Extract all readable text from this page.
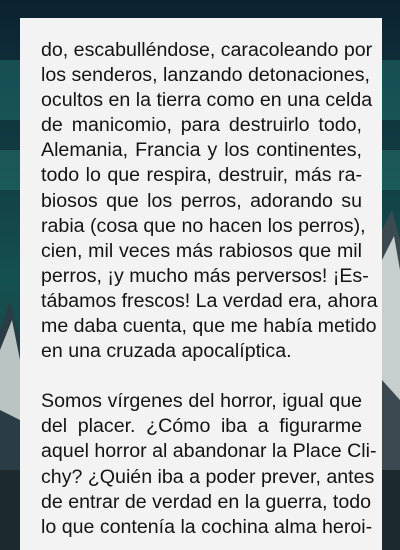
do, escabulléndose, caracoleando por
los senderos, lanzando detonaciones,
ocultos en la tierra como en una celda
de manicomio, para destruirlo todo,
Alemania, Francia y los continentes,
todo lo que respira, destruir, más ra-
biosos que los perros, adorando su
rabia (cosa que no hacen los perros),
cien, mil veces más rabiosos que mil
perros, ¡y mucho más perversos! ¡Es-
tábamos frescos! La verdad era, ahora
me daba cuenta, que me había metido
en una cruzada apocalíptica.

Somos vírgenes del horror, igual que
del placer. ¿Cómo iba a figurarme
aquel horror al abandonar la Place Cli-
chy? ¿Quién iba a poder prever, antes
de entrar de verdad en la guerra, todo
lo que contenía la cochina alma heroi-
